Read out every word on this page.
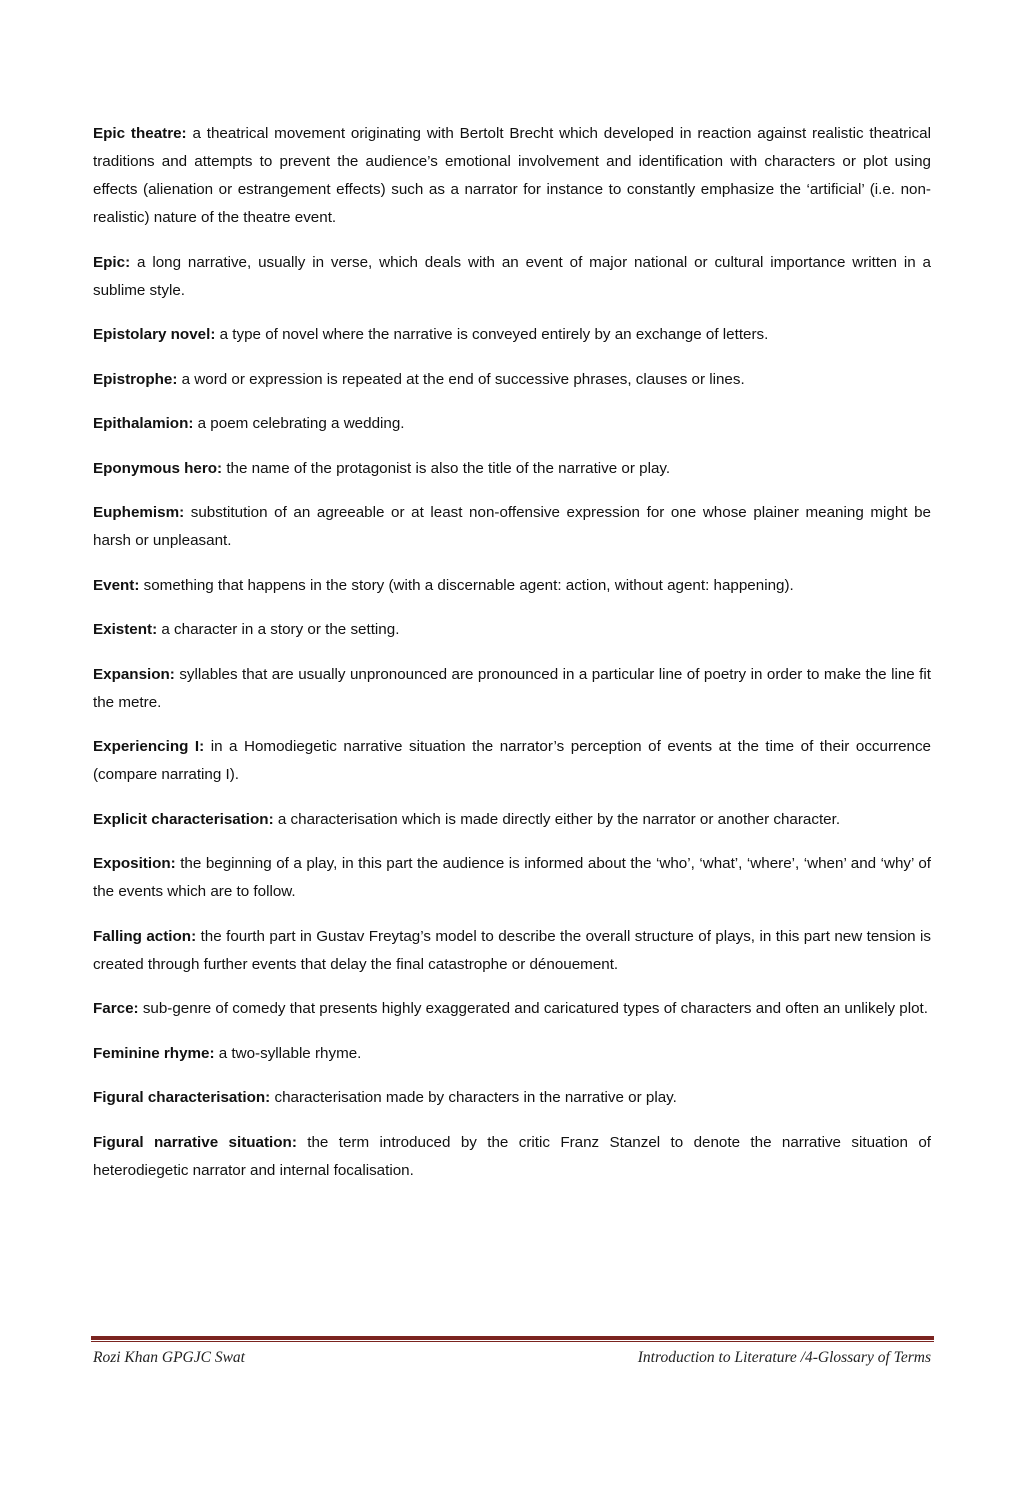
Epic theatre: a theatrical movement originating with Bertolt Brecht which developed in reaction against realistic theatrical traditions and attempts to prevent the audience’s emotional involvement and identification with characters or plot using effects (alienation or estrangement effects) such as a narrator for instance to constantly emphasize the ‘artificial’ (i.e. non-realistic) nature of the theatre event.

Epic: a long narrative, usually in verse, which deals with an event of major national or cultural importance written in a sublime style.

Epistolary novel: a type of novel where the narrative is conveyed entirely by an exchange of letters.

Epistrophe: a word or expression is repeated at the end of successive phrases, clauses or lines.

Epithalamion: a poem celebrating a wedding.

Eponymous hero: the name of the protagonist is also the title of the narrative or play.

Euphemism: substitution of an agreeable or at least non-offensive expression for one whose plainer meaning might be harsh or unpleasant.

Event: something that happens in the story (with a discernable agent: action, without agent: happening).

Existent: a character in a story or the setting.

Expansion: syllables that are usually unpronounced are pronounced in a particular line of poetry in order to make the line fit the metre.

Experiencing I: in a Homodiegetic narrative situation the narrator’s perception of events at the time of their occurrence (compare narrating I).

Explicit characterisation: a characterisation which is made directly either by the narrator or another character.

Exposition: the beginning of a play, in this part the audience is informed about the ‘who’, ‘what’, ‘where’, ‘when’ and ‘why’ of the events which are to follow.

Falling action: the fourth part in Gustav Freytag’s model to describe the overall structure of plays, in this part new tension is created through further events that delay the final catastrophe or dénouement.

Farce: sub-genre of comedy that presents highly exaggerated and caricatured types of characters and often an unlikely plot.

Feminine rhyme: a two-syllable rhyme.

Figural characterisation: characterisation made by characters in the narrative or play.

Figural narrative situation: the term introduced by the critic Franz Stanzel to denote the narrative situation of heterodiegetic narrator and internal focalisation.

Rozi Khan GPGJC Swat	Introduction to Literature /4-Glossary of Terms
